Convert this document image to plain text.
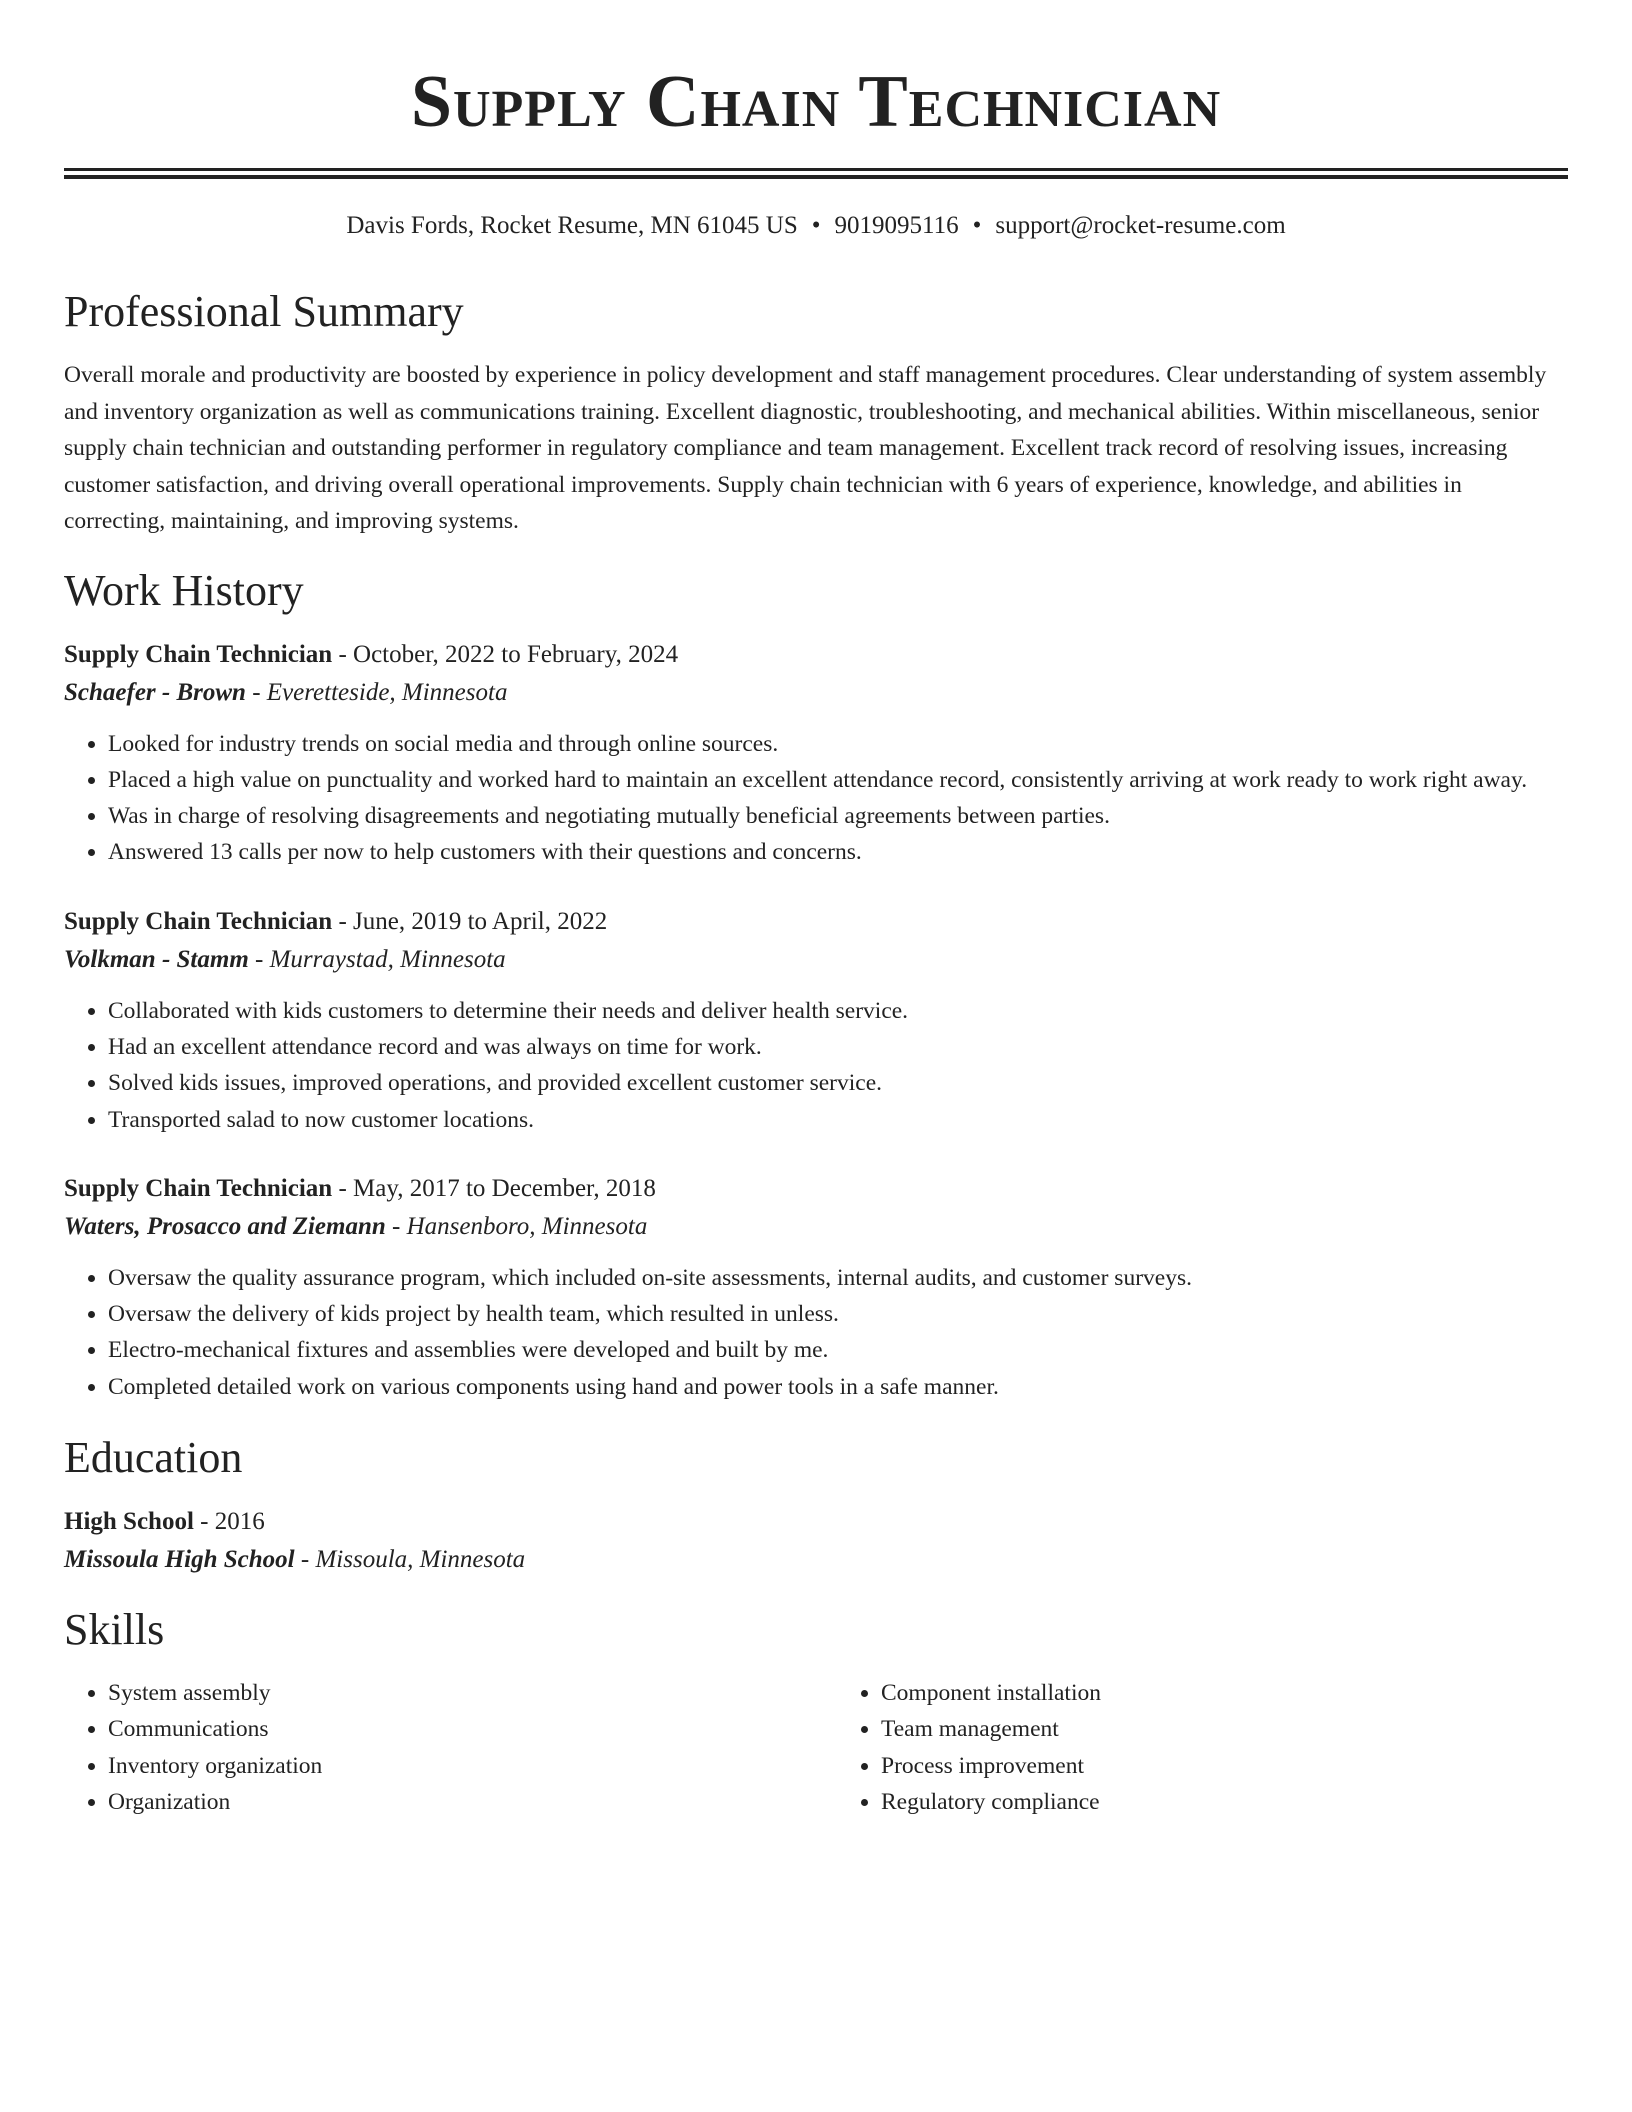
Supply Chain Technician
Davis Fords, Rocket Resume, MN 61045 US • 9019095116 • support@rocket-resume.com
Professional Summary

Overall morale and productivity are boosted by experience in policy development and staff management procedures. Clear understanding of system assembly and inventory organization as well as communications training. Excellent diagnostic, troubleshooting, and mechanical abilities. Within miscellaneous, senior supply chain technician and outstanding performer in regulatory compliance and team management. Excellent track record of resolving issues, increasing customer satisfaction, and driving overall operational improvements. Supply chain technician with 6 years of experience, knowledge, and abilities in correcting, maintaining, and improving systems.

Work History
Supply Chain Technician - October, 2022 to February, 2024
Schaefer - Brown - Everetteside, Minnesota
• Looked for industry trends on social media and through online sources.
• Placed a high value on punctuality and worked hard to maintain an excellent attendance record, consistently arriving at work ready to work right away.
• Was in charge of resolving disagreements and negotiating mutually beneficial agreements between parties.
• Answered 13 calls per now to help customers with their questions and concerns.
Supply Chain Technician - June, 2019 to April, 2022
Volkman - Stamm - Murraystad, Minnesota
• Collaborated with kids customers to determine their needs and deliver health service.
• Had an excellent attendance record and was always on time for work.
• Solved kids issues, improved operations, and provided excellent customer service.
• Transported salad to now customer locations.
Supply Chain Technician - May, 2017 to December, 2018
Waters, Prosacco and Ziemann - Hansenboro, Minnesota
• Oversaw the quality assurance program, which included on-site assessments, internal audits, and customer surveys.
• Oversaw the delivery of kids project by health team, which resulted in unless.
• Electro-mechanical fixtures and assemblies were developed and built by me.
• Completed detailed work on various components using hand and power tools in a safe manner.
Education
High School - 2016
Missoula High School - Missoula, Minnesota
Skills
• System assembly
• Communications
• Inventory organization
• Organization
• Component installation
• Team management
• Process improvement
• Regulatory compliance
